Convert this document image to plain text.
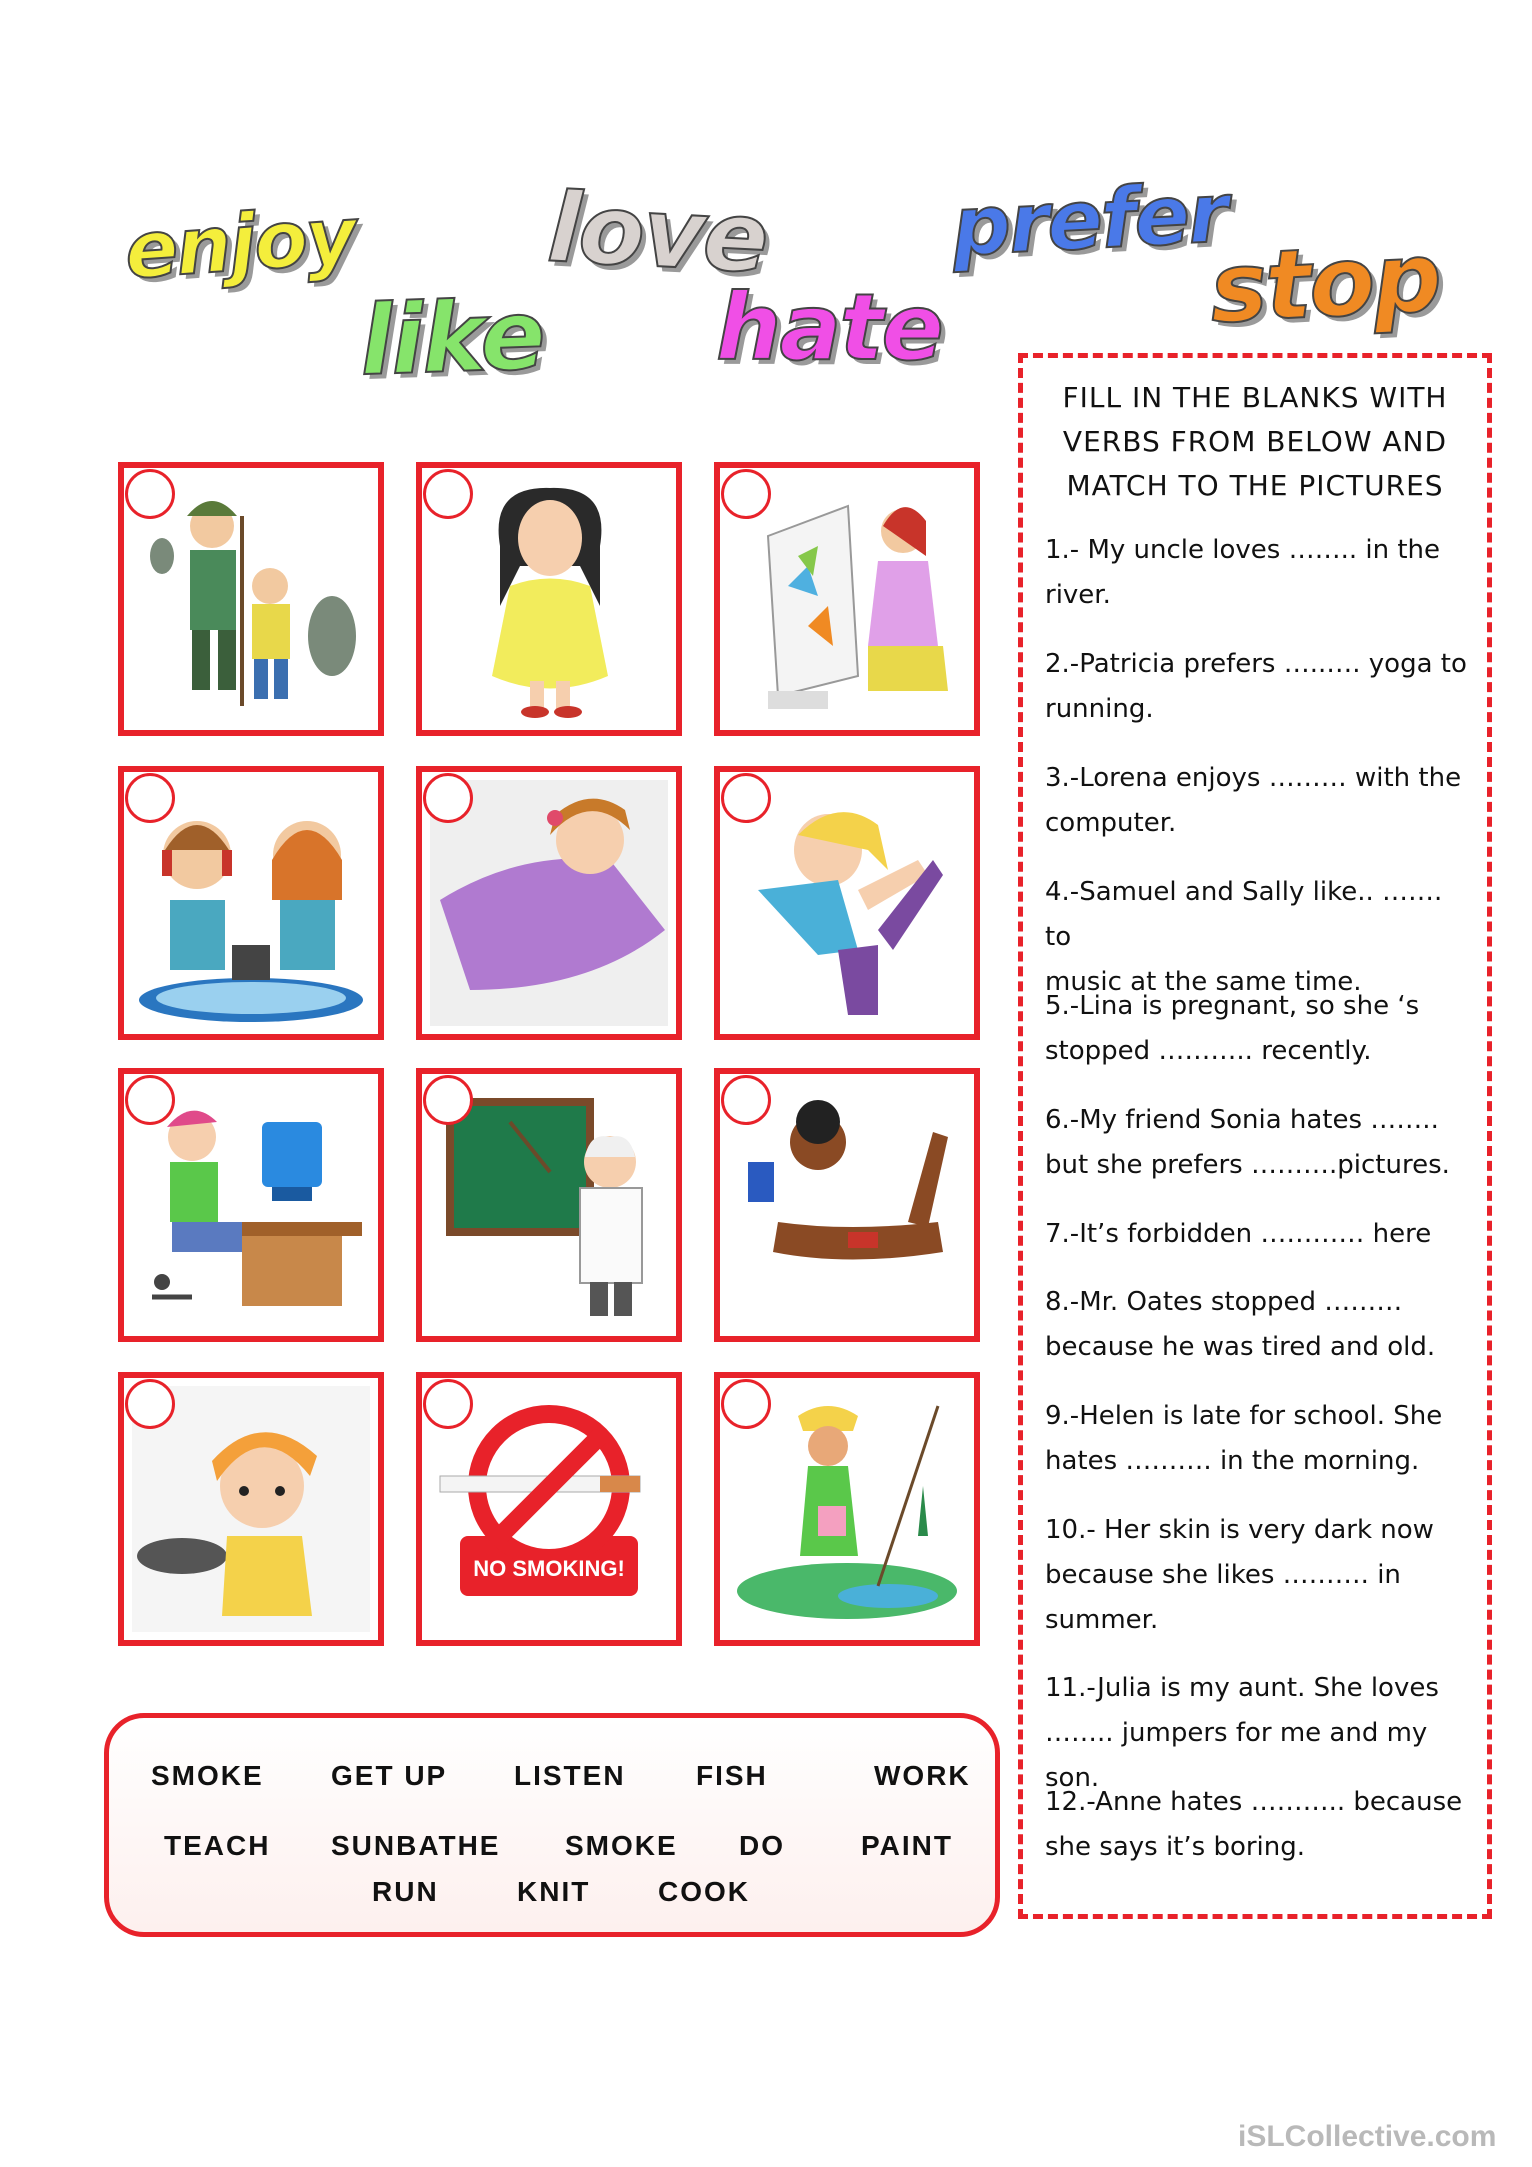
enjoy love
like hate
prefer
stop
NO SMOKING!
SMOKE GET UP LISTEN	FISH	WORK
TEACH SUNBATHE SMOKE DO	PAINT
RUN	KNIT COOK
FILL IN THE BLANKS WITH
VERBS FROM BELOW AND
MATCH TO THE PICTURES
1.- My uncle loves …….. in the
river.
2.-Patricia prefers …..…. yoga to
running.
3.-Lorena enjoys ……… with the
computer.
4.-Samuel and Sally like.. ……. to
music at the same time.
5.-Lina is pregnant, so she ‘s
stopped ……….. recently.
6.-My friend Sonia hates ……..
but she prefers ……….pictures.
7.-It’s forbidden ………… here
8.-Mr. Oates stopped ………
because he was tired and old.
9.-Helen is late for school. She
hates ………. in the morning.
10.- Her skin is very dark now
because she likes ………. in
summer.
11.-Julia is my aunt. She loves
…….. jumpers for me and my son.
12.-Anne hates ……….. because
she says it’s boring.
iSLCollective.com
